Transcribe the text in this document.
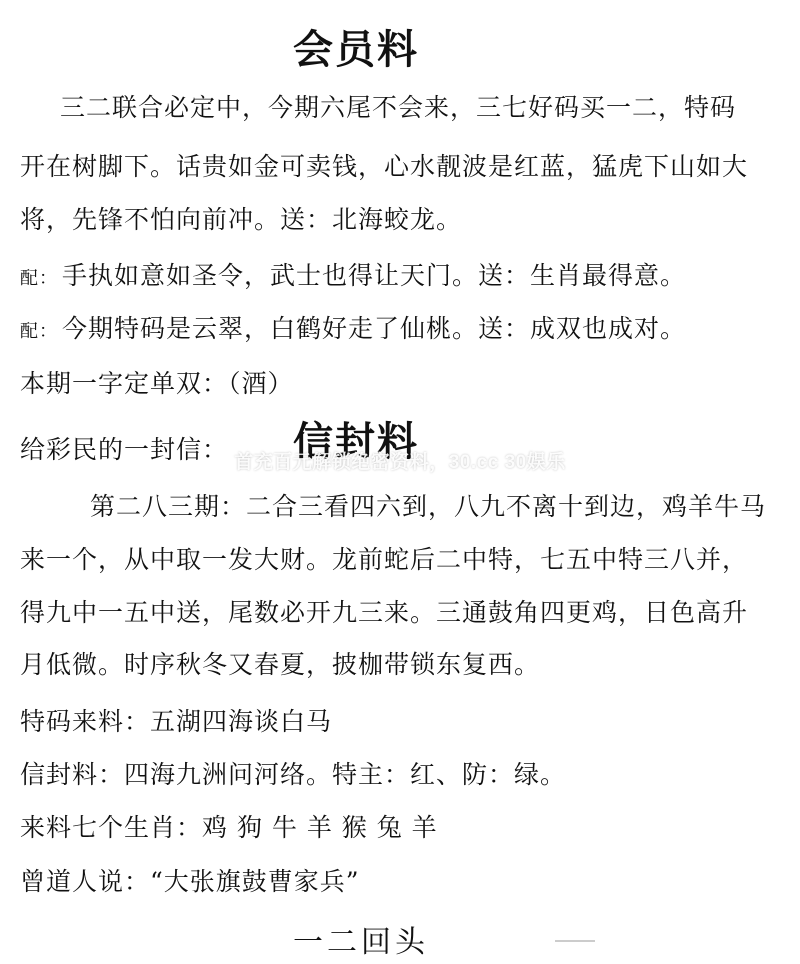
会员料
三二联合必定中，今期六尾不会来，三七好码买一二，特码
开在树脚下。话贵如金可卖钱，心水靓波是红蓝，猛虎下山如大
将，先锋不怕向前冲。送：北海蛟龙。
配： 手执如意如圣令，武士也得让天门。送：生肖最得意。
配： 今期特码是云翠，白鹤好走了仙桃。送：成双也成对。
本期一字定单双：（酒）
给彩民的一封信： 信封料
首充百元解锁绝密资料，30.cc 30娱乐
第二八三期：二合三看四六到，八九不离十到边，鸡羊牛马
来一个，从中取一发大财。龙前蛇后二中特，七五中特三八并，
得九中一五中送，尾数必开九三来。三通鼓角四更鸡，日色高升
月低微。时序秋冬又春夏，披枷带锁东复西。
特码来料：五湖四海谈白马
信封料：四海九洲问河络。特主：红、防：绿。
来料七个生肖：鸡 狗 牛 羊 猴 兔 羊
曾道人说：“大张旗鼓曹家兵”
一二回头
